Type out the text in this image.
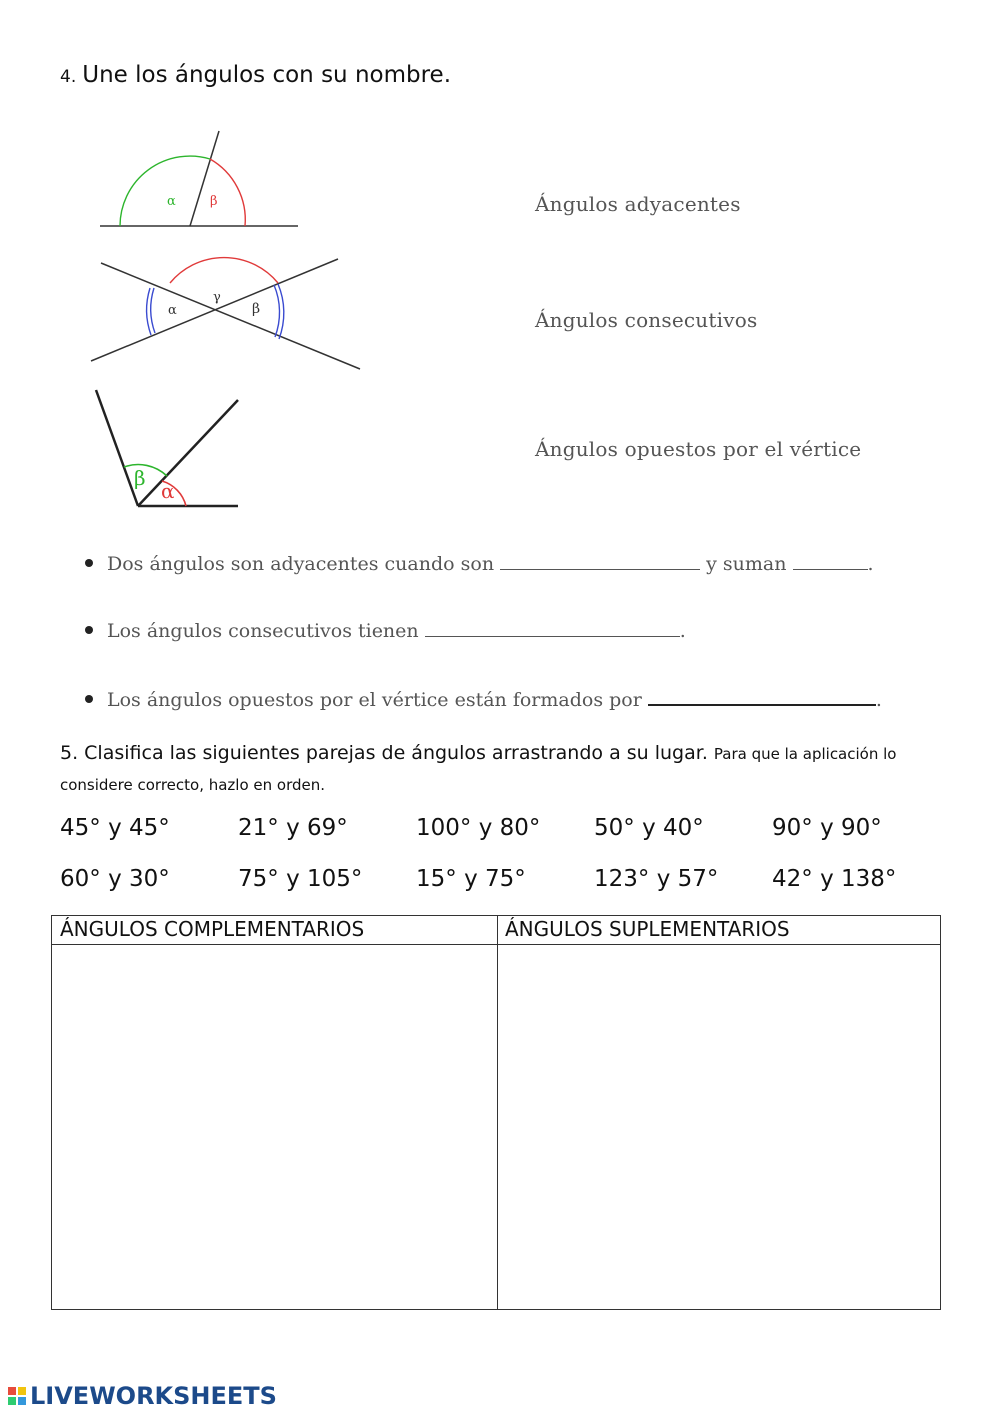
4. Une los ángulos con su nombre.
α	β
α
γ
β
β
α
Ángulos adyacentes
Ángulos consecutivos
Ángulos opuestos por el vértice
Dos ángulos son adyacentes cuando son	y suman	.
Los ángulos consecutivos tienen	.
Los ángulos opuestos por el vértice están formados por	.
5. Clasifica las siguientes parejas de ángulos arrastrando a su lugar. Para que la aplicación lo considere correcto, hazlo en orden.
45° y 45°	21° y 69°	100° y 80° 50° y 40°	90° y 90°
60° y 30°	75° y 105° 15° y 75°	123° y 57° 42° y 138°
ÁNGULOS COMPLEMENTARIOS	ÁNGULOS SUPLEMENTARIOS
LIVEWORKSHEETS
